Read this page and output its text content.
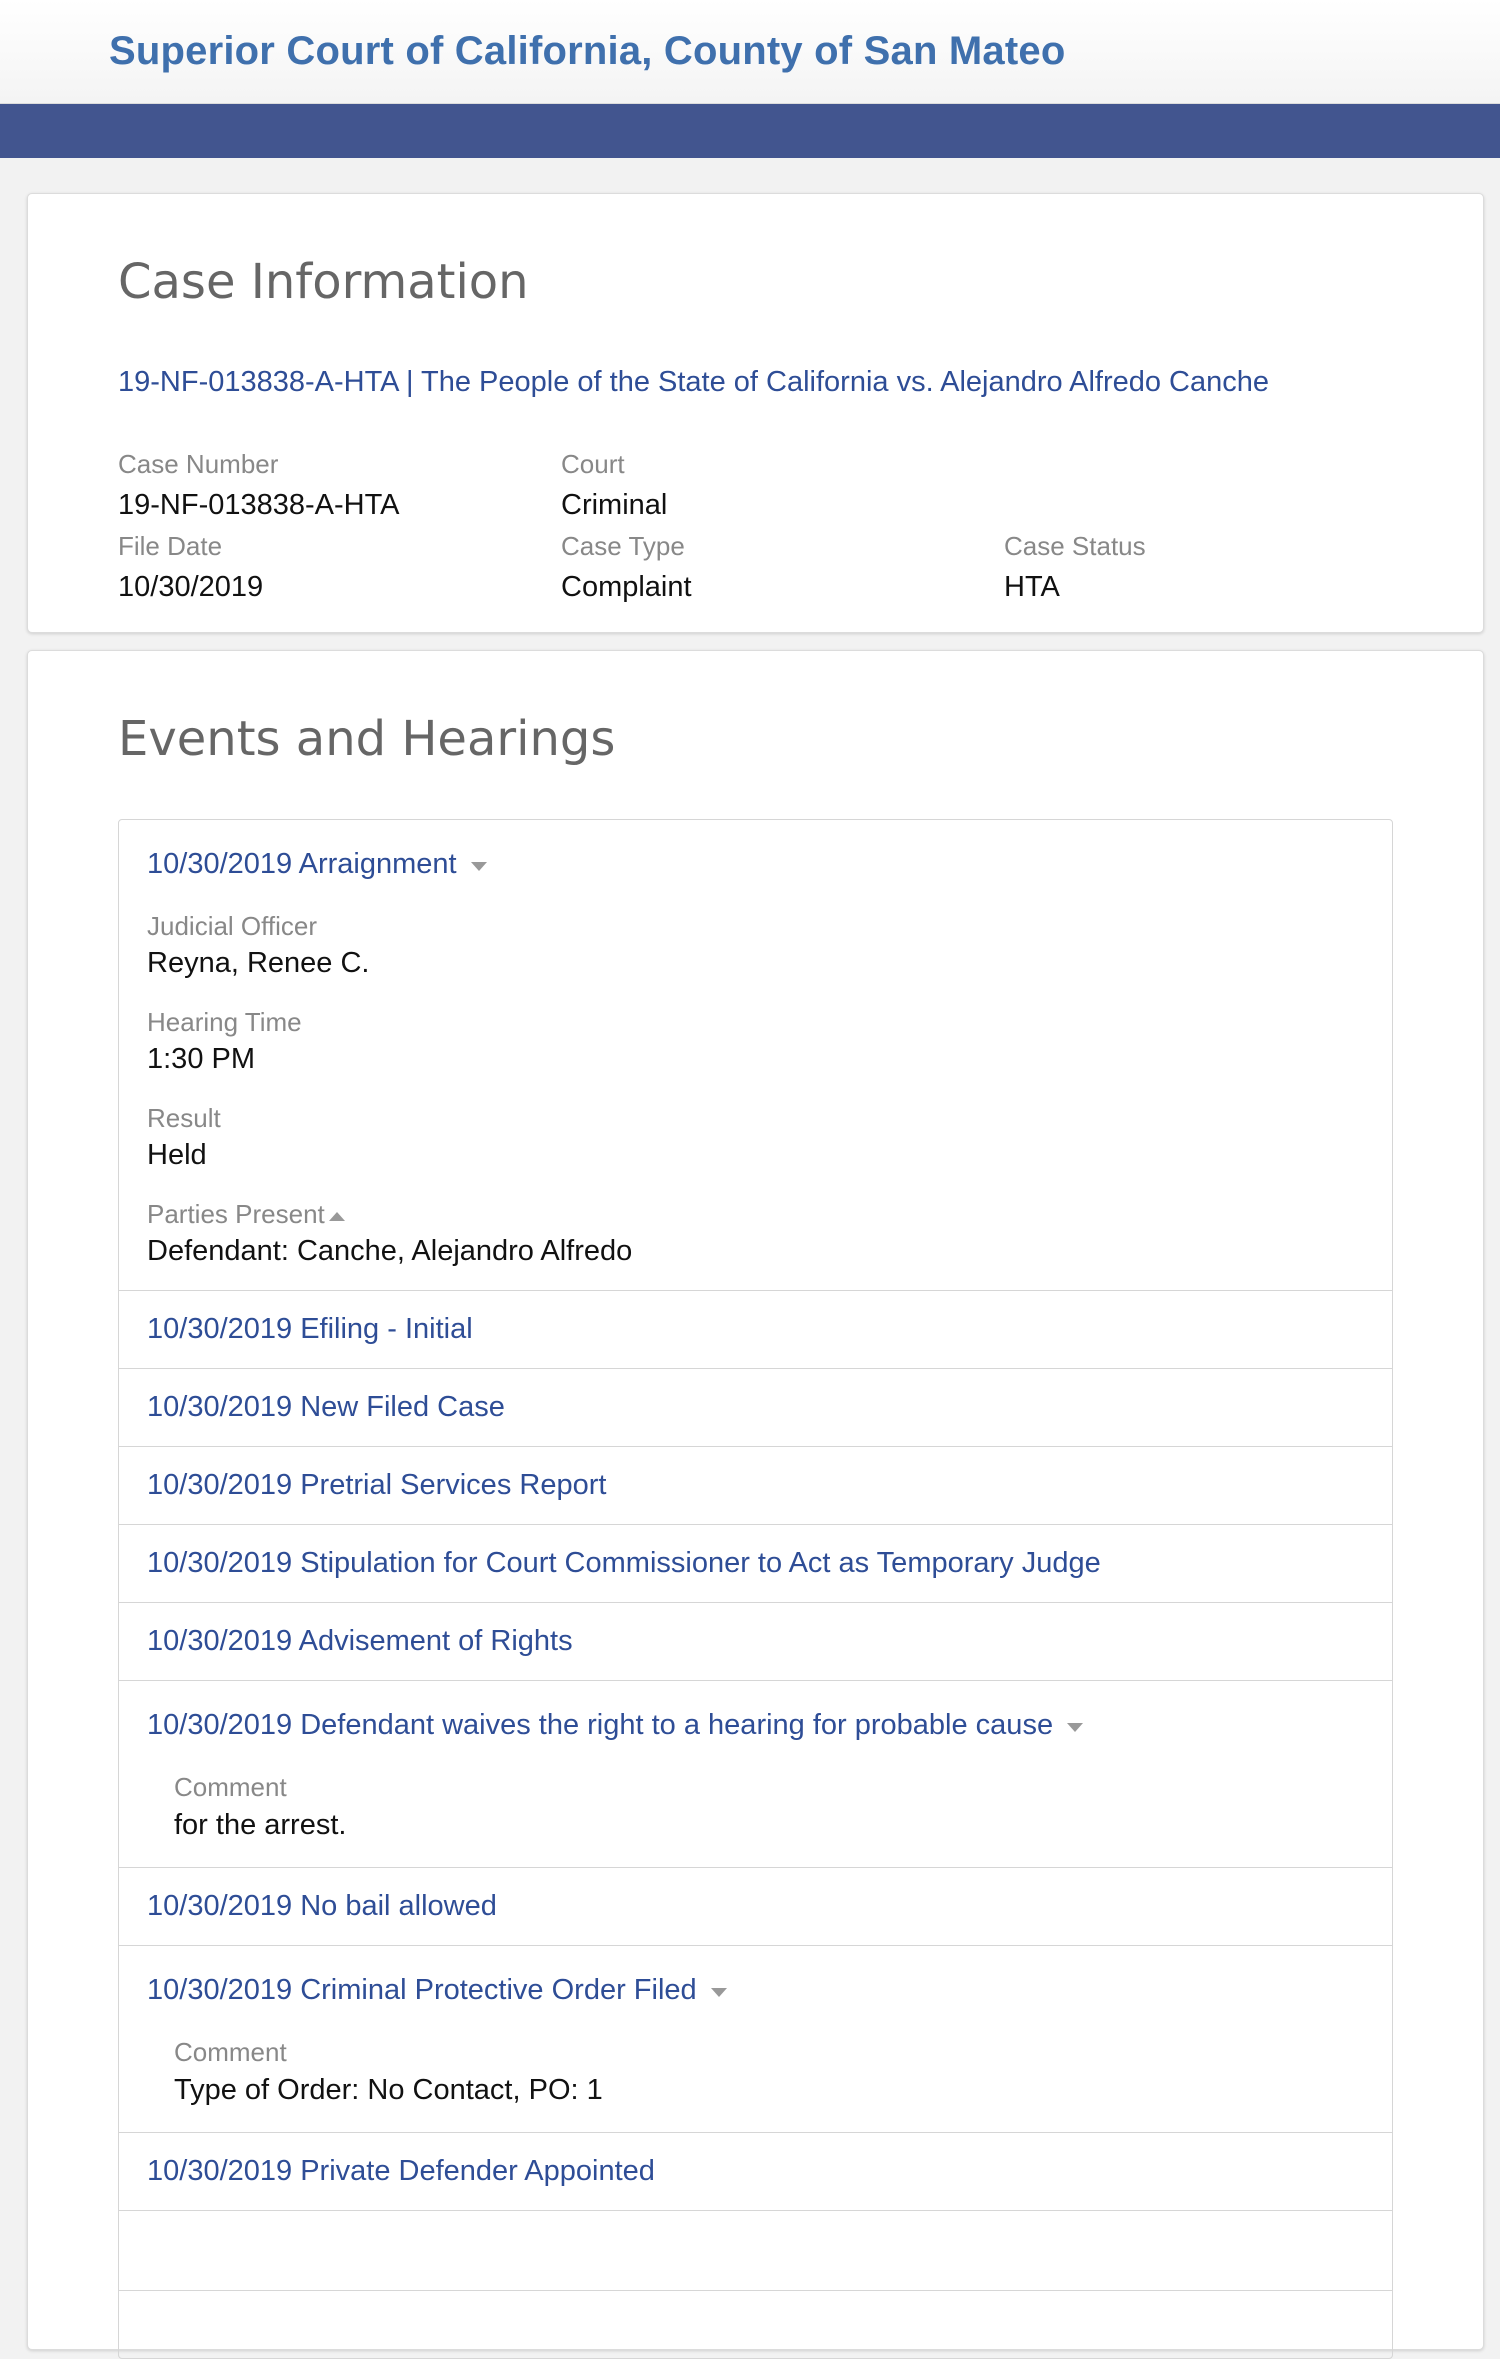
Superior Court of California, County of San Mateo
Case Information
19-NF-013838-A-HTA | The People of the State of California vs. Alejandro Alfredo Canche
Case Number
19-NF-013838-A-HTA
Court
Criminal
File Date
10/30/2019
Case Type
Complaint
Case Status
HTA
Events and Hearings
10/30/2019 Arraignment
Judicial Officer
Reyna, Renee C.
Hearing Time
1:30 PM
Result
Held
Parties Present
Defendant: Canche, Alejandro Alfredo
10/30/2019 Efiling - Initial
10/30/2019 New Filed Case
10/30/2019 Pretrial Services Report
10/30/2019 Stipulation for Court Commissioner to Act as Temporary Judge
10/30/2019 Advisement of Rights
10/30/2019 Defendant waives the right to a hearing for probable cause
Comment
for the arrest.
10/30/2019 No bail allowed
10/30/2019 Criminal Protective Order Filed
Comment
Type of Order: No Contact, PO: 1
10/30/2019 Private Defender Appointed
